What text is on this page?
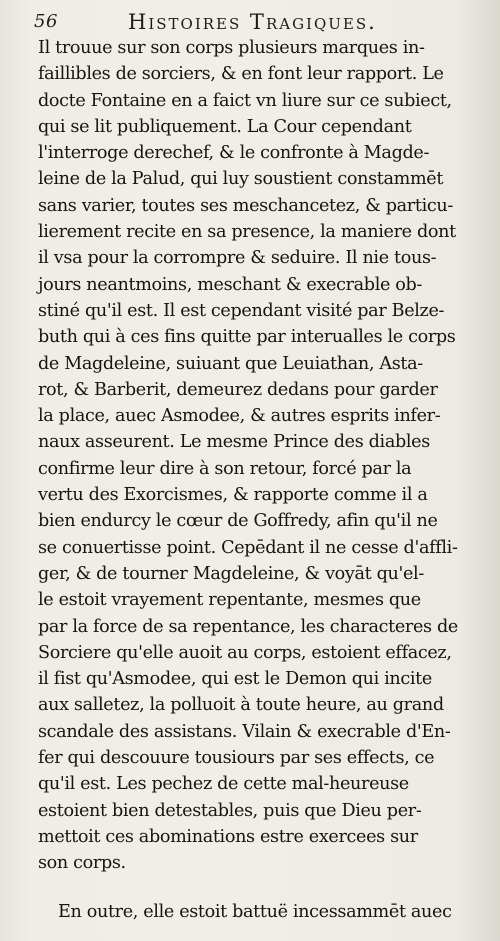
56	Histoires Tragiques.
Il trouue sur son corps plusieurs marques in-
faillibles de sorciers, & en font leur rapport. Le
docte Fontaine en a faict vn liure sur ce subiect,
qui se lit publiquement. La Cour cependant
l'interroge derechef, & le confronte à Magde-
leine de la Palud, qui luy soustient constammēt
sans varier, toutes ses meschancetez, & particu-
lierement recite en sa presence, la maniere dont
il vsa pour la corrompre & seduire. Il nie tous-
jours neantmoins, meschant & execrable ob-
stiné qu'il est. Il est cependant visité par Belze-
buth qui à ces fins quitte par interualles le corps
de Magdeleine, suiuant que Leuiathan, Asta-
rot, & Barberit, demeurez dedans pour garder
la place, auec Asmodee, & autres esprits infer-
naux asseurent. Le mesme Prince des diables
confirme leur dire à son retour, forcé par la
vertu des Exorcismes, & rapporte comme il a
bien endurcy le cœur de Goffredy, afin qu'il ne
se conuertisse point. Cepēdant il ne cesse d'affli-
ger, & de tourner Magdeleine, & voyāt qu'el-
le estoit vrayement repentante, mesmes que
par la force de sa repentance, les characteres de
Sorciere qu'elle auoit au corps, estoient effacez,
il fist qu'Asmodee, qui est le Demon qui incite
aux salletez, la polluoit à toute heure, au grand
scandale des assistans. Vilain & execrable d'En-
fer qui descouure tousiours par ses effects, ce
qu'il est. Les pechez de cette mal-heureuse
estoient bien detestables, puis que Dieu per-
mettoit ces abominations estre exercees sur
son corps.
En outre, elle estoit battuë incessammēt auec
